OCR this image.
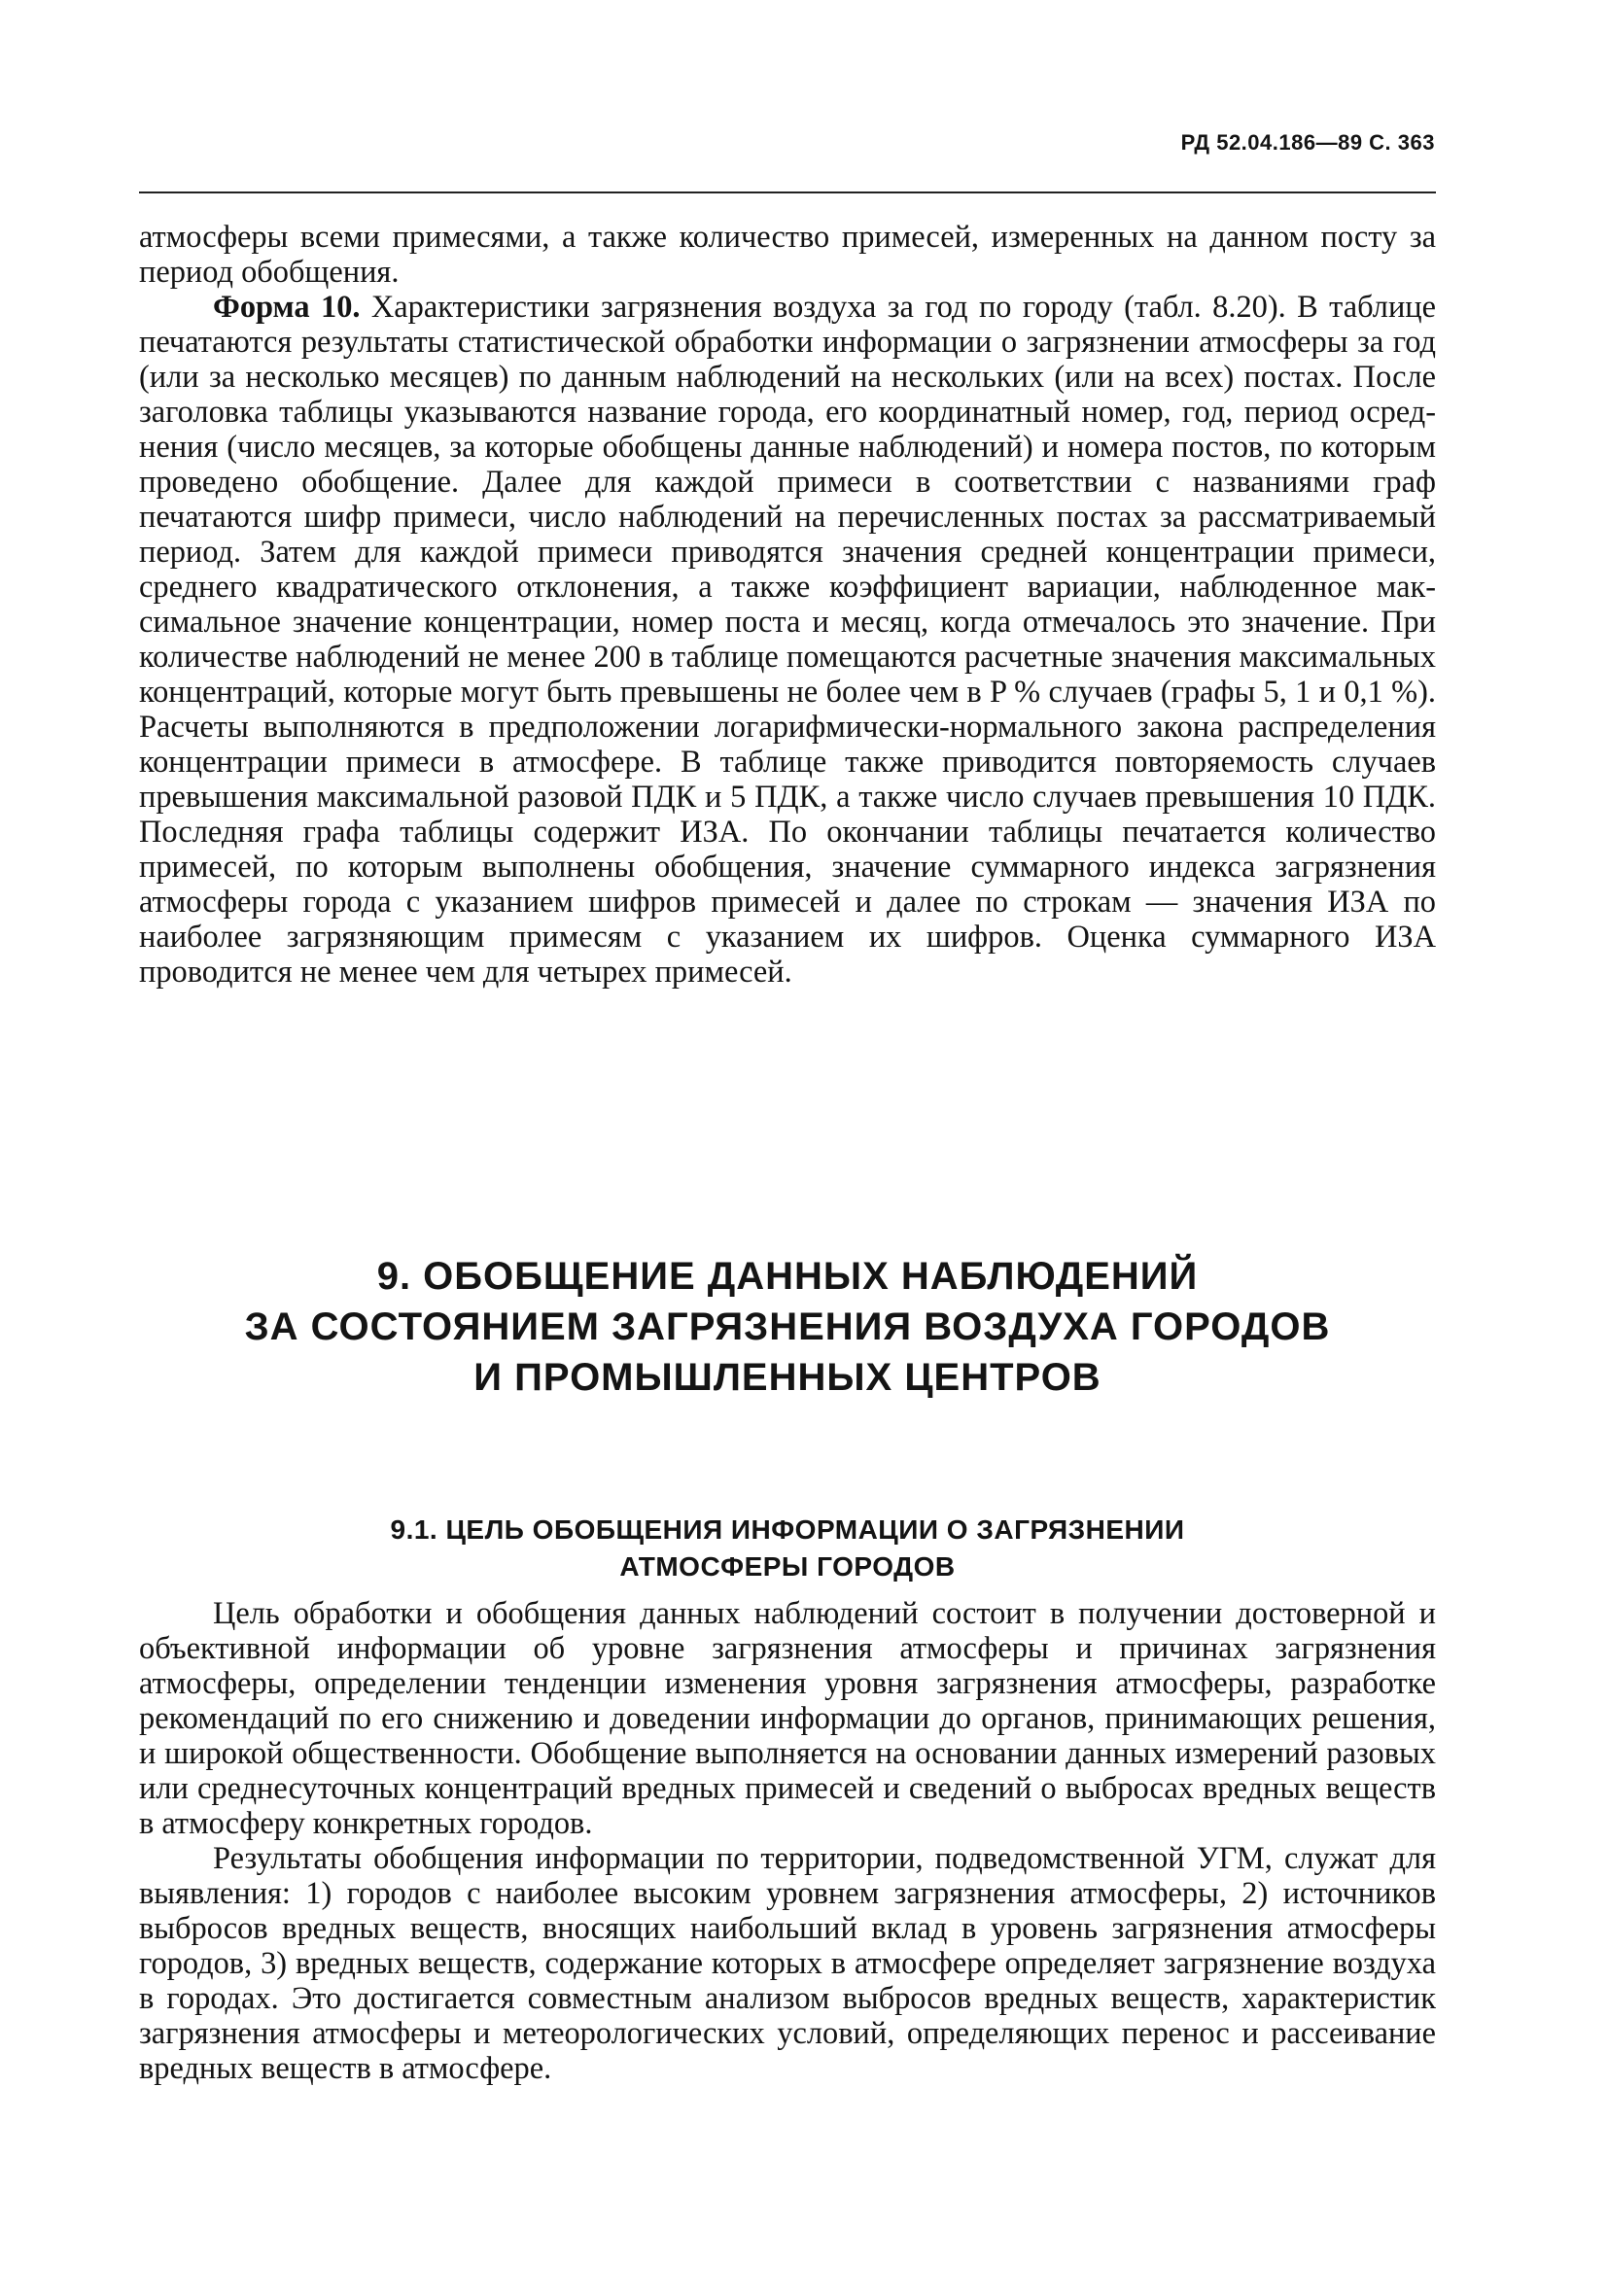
РД 52.04.186—89 С. 363

атмосферы всеми примесями, а также количество примесей, измеренных на данном посту за период обобщения.

Форма 10. Характеристики загрязнения воздуха за год по городу (табл. 8.20). В таблице печатаются результаты статистической обработки информации о загрязнении атмосферы за год (или за несколько месяцев) по данным наблюдений на нескольких (или на всех) постах. После заголовка таблицы указываются название города, его координатный номер, год, период осреднения (число месяцев, за которые обобщены данные наблюдений) и номера постов, по которым проведено обобщение. Далее для каждой примеси в соответствии с названиями граф печатаются шифр примеси, число наблюдений на перечисленных постах за рассматриваемый период. Затем для каждой примеси приводятся значения средней концентрации примеси, среднего квадратического отклонения, а также коэффициент вариации, наблюденное максимальное значение концентрации, номер поста и месяц, когда отмечалось это значение. При количестве наблюдений не менее 200 в таблице помещаются расчетные значения максимальных концентраций, которые могут быть превышены не более чем в P % случаев (графы 5, 1 и 0,1 %). Расчеты выполняются в предположении логарифмически-нормального закона распределения концентрации примеси в атмосфере. В таблице также приводится повторяемость случаев превышения максимальной разовой ПДК и 5 ПДК, а также число случаев превышения 10 ПДК. Последняя графа таблицы содержит ИЗА. По окончании таблицы печатается количество примесей, по которым выполнены обобщения, значение суммарного индекса загрязнения атмосферы города с указанием шифров примесей и далее по строкам — значения ИЗА по наиболее загрязняющим примесям с указанием их шифров. Оценка суммарного ИЗА проводится не менее чем для четырех примесей.

9. ОБОБЩЕНИЕ ДАННЫХ НАБЛЮДЕНИЙ
ЗА СОСТОЯНИЕМ ЗАГРЯЗНЕНИЯ ВОЗДУХА ГОРОДОВ
И ПРОМЫШЛЕННЫХ ЦЕНТРОВ
9.1. ЦЕЛЬ ОБОБЩЕНИЯ ИНФОРМАЦИИ О ЗАГРЯЗНЕНИИ
АТМОСФЕРЫ ГОРОДОВ

Цель обработки и обобщения данных наблюдений состоит в получении достоверной и объективной информации об уровне загрязнения атмосферы и причинах загрязнения атмосферы, определении тенденции изменения уровня загрязнения атмосферы, разработке рекомендаций по его снижению и доведении информации до органов, принимающих решения, и широкой общественности. Обобщение выполняется на основании данных измерений разовых или среднесуточных концентраций вредных примесей и сведений о выбросах вредных веществ в атмосферу конкретных городов.

Результаты обобщения информации по территории, подведомственной УГМ, служат для выявления: 1) городов с наиболее высоким уровнем загрязнения атмосферы, 2) источников выбросов вредных веществ, вносящих наибольший вклад в уровень загрязнения атмосферы городов, 3) вредных веществ, содержание которых в атмосфере определяет загрязнение воздуха в городах. Это достигается совместным анализом выбросов вредных веществ, характеристик загрязнения атмосферы и метеорологических условий, определяющих перенос и рассеивание вредных веществ в атмосфере.
